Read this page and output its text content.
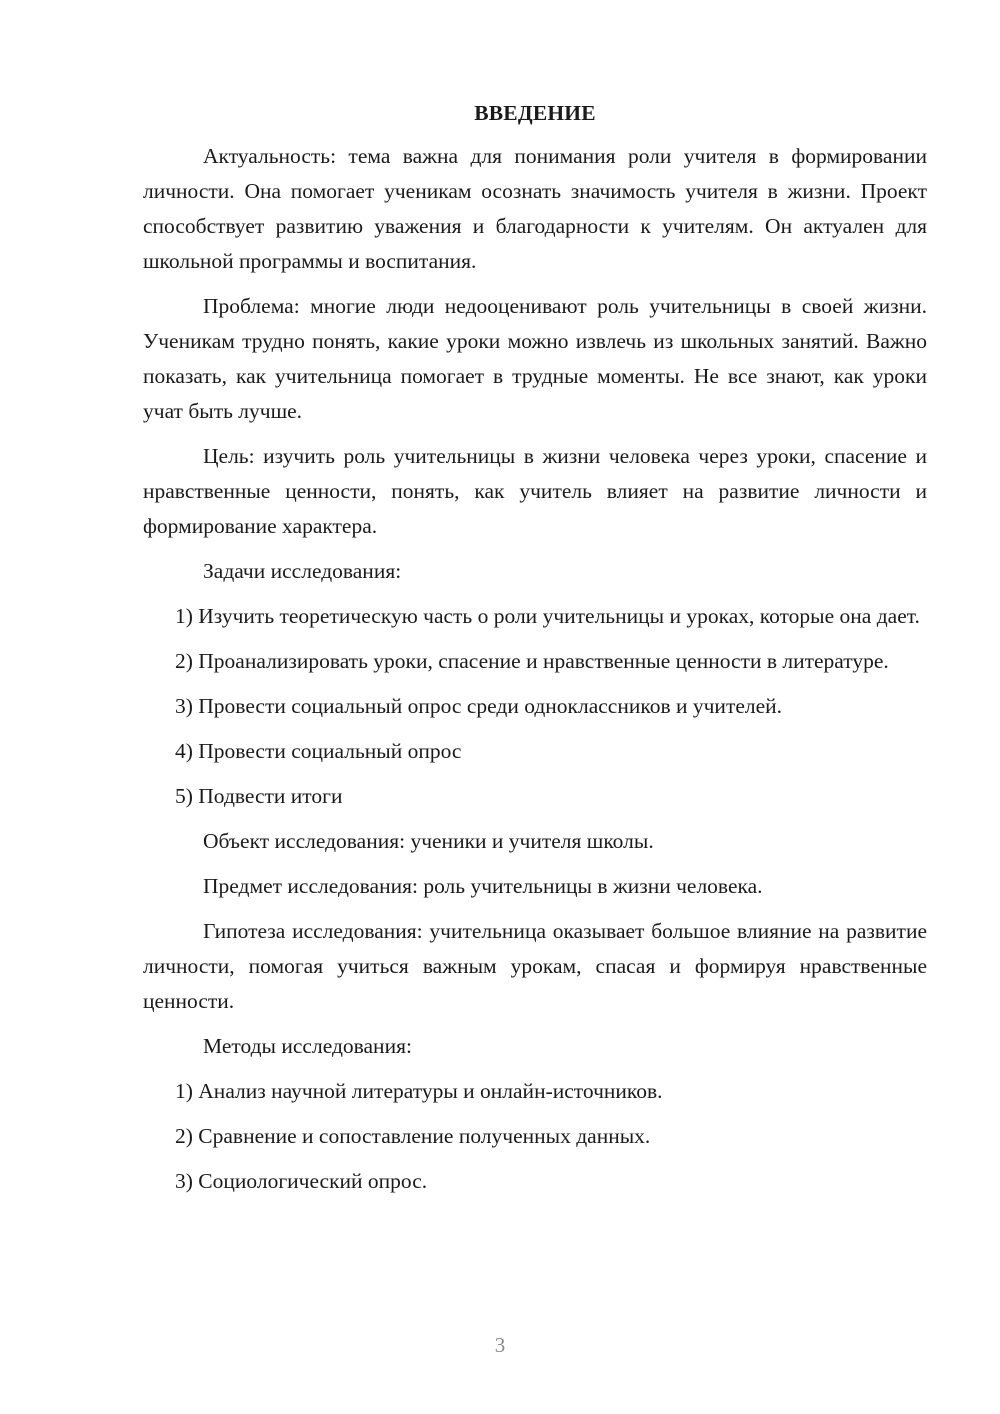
ВВЕДЕНИЕ

Актуальность: тема важна для понимания роли учителя в формировании личности. Она помогает ученикам осознать значимость учителя в жизни. Проект способствует развитию уважения и благодарности к учителям. Он актуален для школьной программы и воспитания.

Проблема: многие люди недооценивают роль учительницы в своей жизни. Ученикам трудно понять, какие уроки можно извлечь из школьных занятий. Важно показать, как учительница помогает в трудные моменты. Не все знают, как уроки учат быть лучше.

Цель: изучить роль учительницы в жизни человека через уроки, спасение и нравственные ценности, понять, как учитель влияет на развитие личности и формирование характера.

Задачи исследования:

1) Изучить теоретическую часть о роли учительницы и уроках, которые она дает.

2) Проанализировать уроки, спасение и нравственные ценности в литературе.

3) Провести социальный опрос среди одноклассников и учителей.

4) Провести социальный опрос

5) Подвести итоги

Объект исследования: ученики и учителя школы.

Предмет исследования: роль учительницы в жизни человека.

Гипотеза исследования: учительница оказывает большое влияние на развитие личности, помогая учиться важным урокам, спасая и формируя нравственные ценности.

Методы исследования:

1) Анализ научной литературы и онлайн-источников.

2) Сравнение и сопоставление полученных данных.

3) Социологический опрос.

3
